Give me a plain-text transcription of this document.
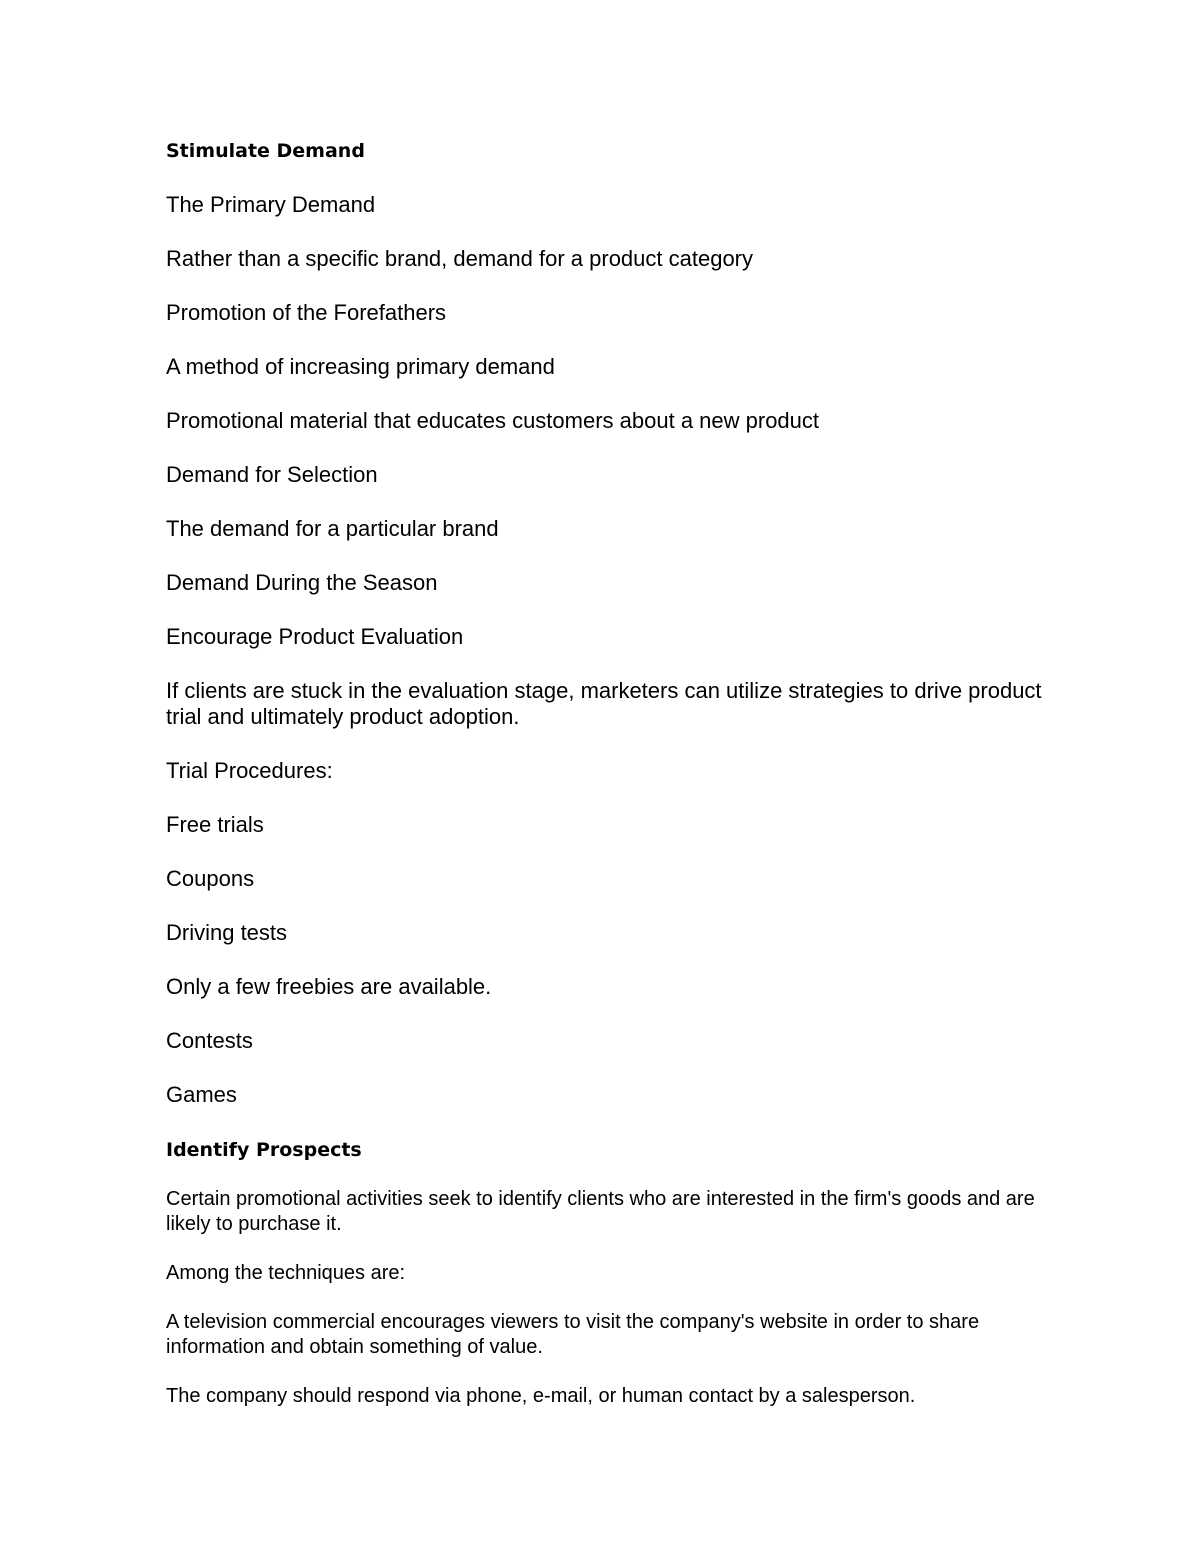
Stimulate Demand
The Primary Demand
Rather than a specific brand, demand for a product category
Promotion of the Forefathers
A method of increasing primary demand
Promotional material that educates customers about a new product
Demand for Selection
The demand for a particular brand
Demand During the Season
Encourage Product Evaluation
If clients are stuck in the evaluation stage, marketers can utilize strategies to drive product trial and ultimately product adoption.
Trial Procedures:
Free trials
Coupons
Driving tests
Only a few freebies are available.
Contests
Games
Identify Prospects
Certain promotional activities seek to identify clients who are interested in the firm's goods and are likely to purchase it.
Among the techniques are:
A television commercial encourages viewers to visit the company's website in order to share information and obtain something of value.
The company should respond via phone, e-mail, or human contact by a salesperson.
